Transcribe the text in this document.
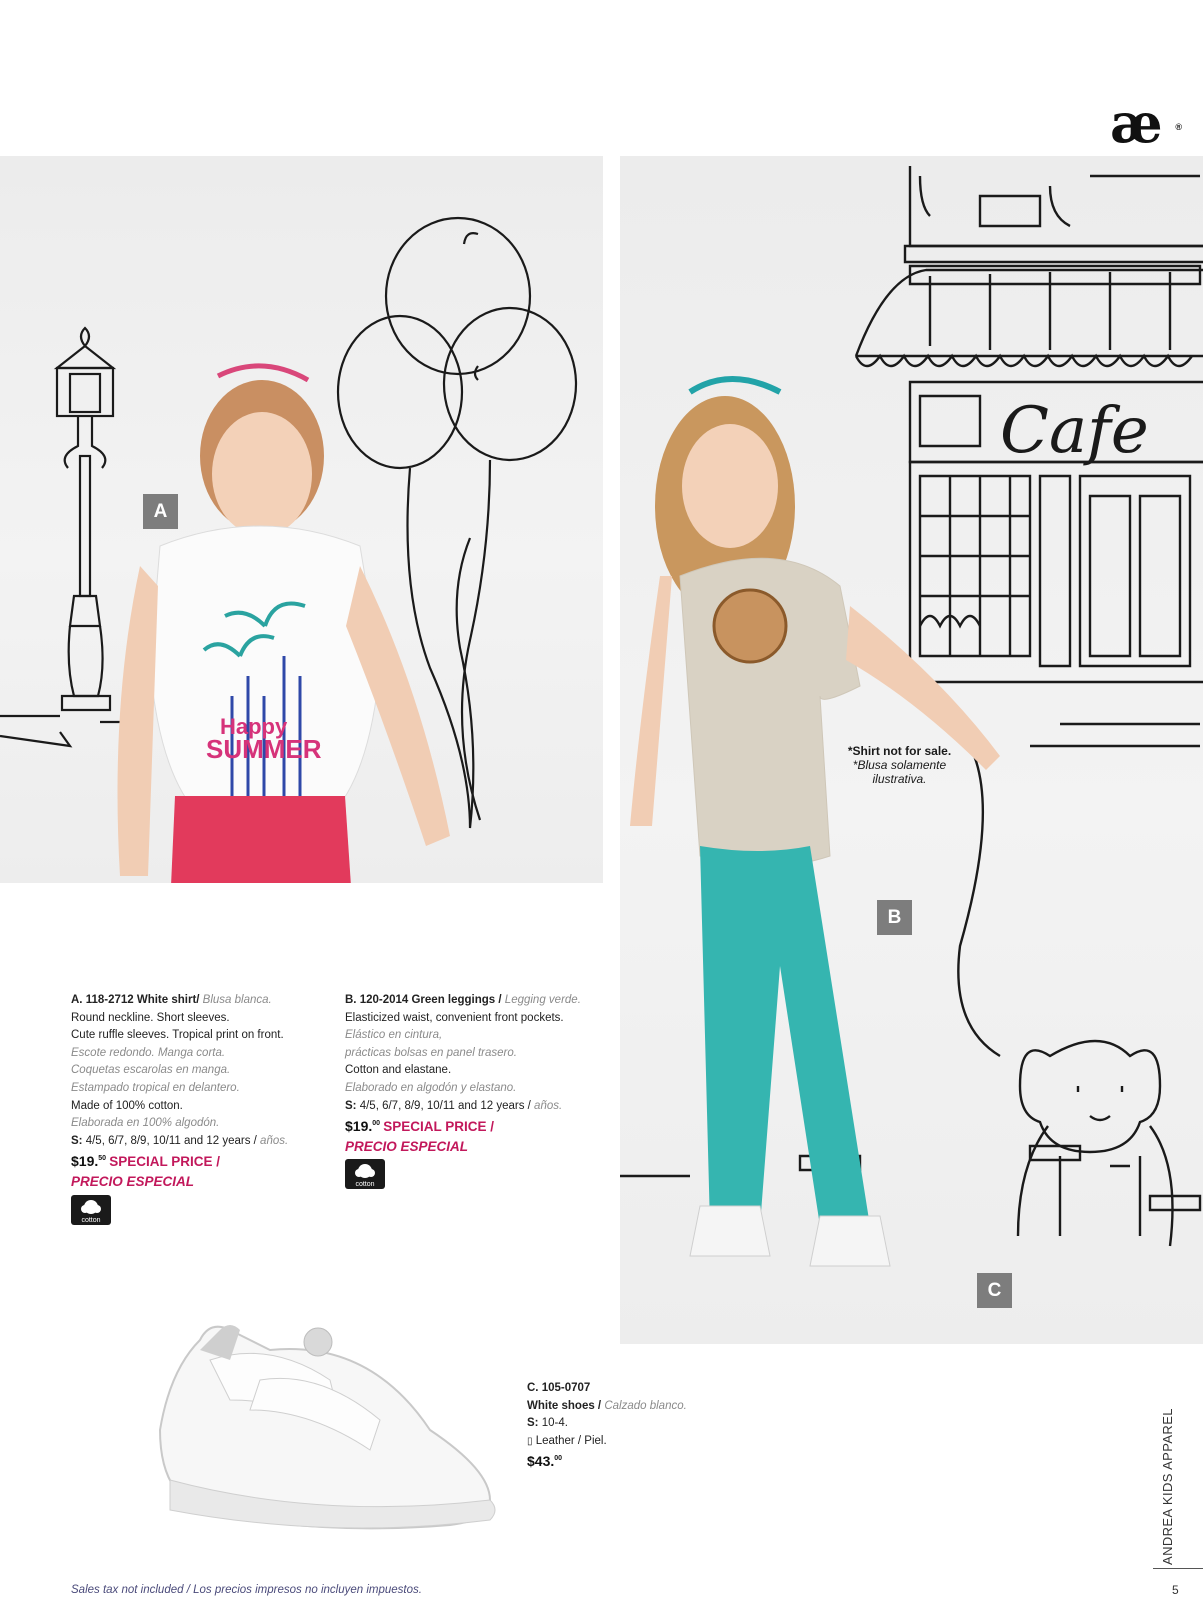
æ ®
SUMMER
Happy
A
Cafe
*Shirt not for sale.
*Blusa solamente
ilustrativa.
B
C
A. 118-2712 White shirt/ Blusa blanca.
Round neckline. Short sleeves.
Cute ruffle sleeves. Tropical print on front.
Escote redondo. Manga corta.
Coquetas escarolas en manga.
Estampado tropical en delantero.
Made of 100% cotton.
Elaborada en 100% algodón.
S: 4/5, 6/7, 8/9, 10/11 and 12 years / años.
$19.50 SPECIAL PRICE /
PRECIO ESPECIAL
cotton
B. 120-2014 Green leggings / Legging verde.
Elasticized waist, convenient front pockets.
Elástico en cintura,
prácticas bolsas en panel trasero.
Cotton and elastane.
Elaborado en algodón y elastano.
S: 4/5, 6/7, 8/9, 10/11 and 12 years / años.
$19.00 SPECIAL PRICE /
PRECIO ESPECIAL
cotton
C. 105-0707
White shoes / Calzado blanco.
S: 10-4.
▯ Leather / Piel.
$43.00	ANDREA KIDS APPAREL
5
Sales tax not included / Los precios impresos no incluyen impuestos.
